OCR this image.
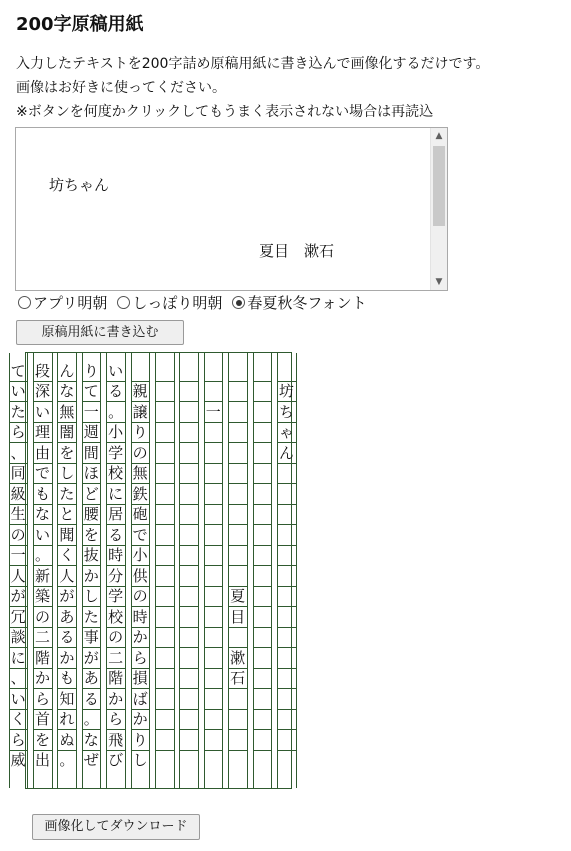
200字原稿用紙
入力したテキストを200字詰め原稿用紙に書き込んで画像化するだけです。
画像はお好きに使ってください。
※ボタンを何度かクリックしてもうまく表示されない場合は再読込

　　坊ちゃん

　　　　　　　　　　　　　　　　夏目　漱石

▲
▼
アプリ明朝 しっぽり明朝 春夏秋冬フォント
原稿用紙に書き込む
坊
ち
ゃ
ん
夏
目
漱
石
一
親
譲
り
の
無
鉄
砲
で
小
供
の
時
か
ら
損
ば
か
り
し
い
る
。
小
学
校
に
居
る
時
分
学
校
の
二
階
か
ら
飛
び
り
て
一
週
間
ほ
ど
腰
を
抜
か
し
た
事
が
あ
る
。
な
ぜ
ん
な
無
闇
を
し
た
と
聞
く
人
が
あ
る
か
も
知
れ
ぬ
。
段
深
い
理
由
で
も
な
い
。
新
築
の
二
階
か
ら
首
を
出
て
い
た
ら
、
同
級
生
の
一
人
が
冗
談
に
、
い
く
ら
威
画像化してダウンロード
